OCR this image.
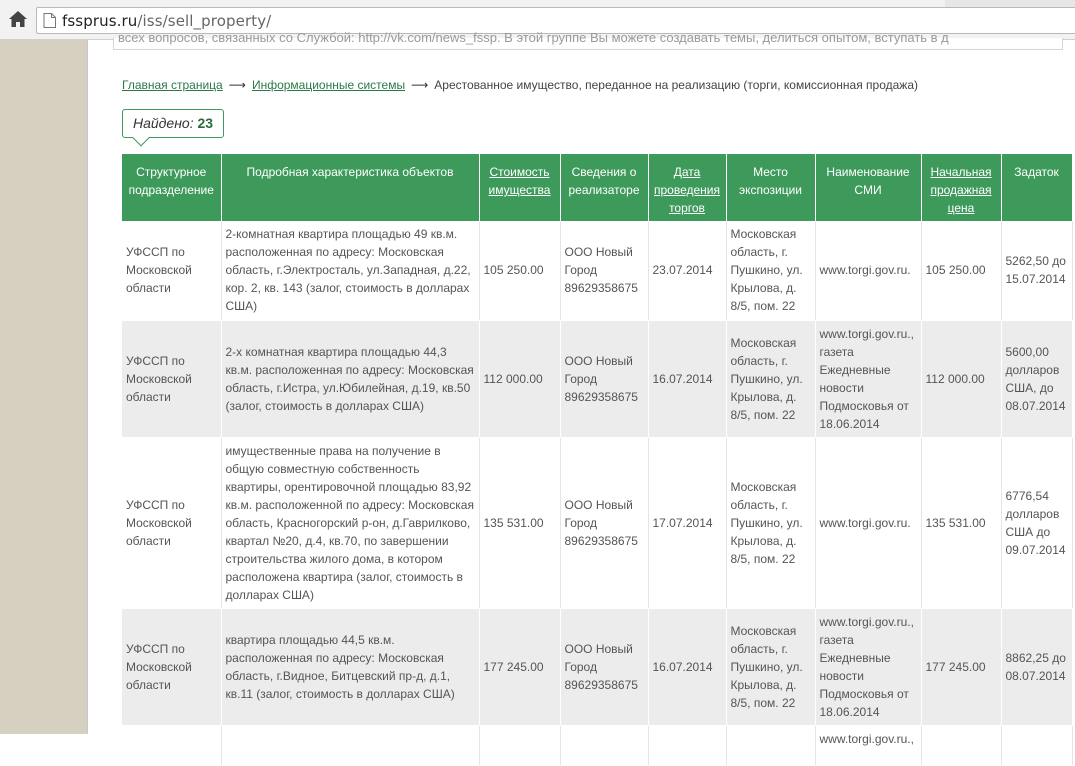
fssprus.ru/iss/sell_property/
всех вопросов, связанных со Службой: http://vk.com/news_fssp. В этой группе Вы можете создавать темы, делиться опытом, вступать в д
Главная страница ⟶ Информационные системы ⟶ Арестованное имущество, переданное на реализацию (торги, комиссионная продажа)
Найдено: 23
Структурное подразделение	Подробная характеристика объектов	Стоимость имущества	Сведения о реализаторе	Дата проведения торгов	Место экспозиции	Наименование СМИ	Начальная продажная цена	Задаток
УФССП по Московской области	2-комнатная квартира площадью 49 кв.м. расположенная по адресу: Московская область, г.Электросталь, ул.Западная, д.22, кор. 2, кв. 143 (залог, стоимость в долларах США)	105 250.00	ООО Новый Город 89629358675	23.07.2014	Московская область, г. Пушкино, ул. Крылова, д. 8/5, пом. 22	www.torgi.gov.ru.	105 250.00	5262,50 до 15.07.2014
УФССП по Московской области	2-х комнатная квартира площадью 44,3 кв.м. расположенная по адресу: Московская область, г.Истра, ул.Юбилейная, д.19, кв.50 (залог, стоимость в долларах США)	112 000.00	ООО Новый Город 89629358675	16.07.2014	Московская область, г. Пушкино, ул. Крылова, д. 8/5, пом. 22	www.torgi.gov.ru., газета Ежедневные новости Подмосковья от 18.06.2014	112 000.00	5600,00 долларов США, до 08.07.2014
УФССП по Московской области	имущественные права на получение в общую совместную собственность квартиры, орентировочной площадью 83,92 кв.м. расположенной по адресу: Московская область, Красногорский р-он, д.Гаврилково, квартал №20, д.4, кв.70, по завершении строительства жилого дома, в котором расположена квартира (залог, стоимость в долларах США)	135 531.00	ООО Новый Город 89629358675	17.07.2014	Московская область, г. Пушкино, ул. Крылова, д. 8/5, пом. 22	www.torgi.gov.ru.	135 531.00	6776,54 долларов США до 09.07.2014
УФССП по Московской области	квартира площадью 44,5 кв.м. расположенная по адресу: Московская область, г.Видное, Битцевский пр-д, д.1, кв.11 (залог, стоимость в долларах США)	177 245.00	ООО Новый Город 89629358675	16.07.2014	Московская область, г. Пушкино, ул. Крылова, д. 8/5, пом. 22	www.torgi.gov.ru., газета Ежедневные новости Подмосковья от 18.06.2014	177 245.00	8862,25 до 08.07.2014
						www.torgi.gov.ru.,		
